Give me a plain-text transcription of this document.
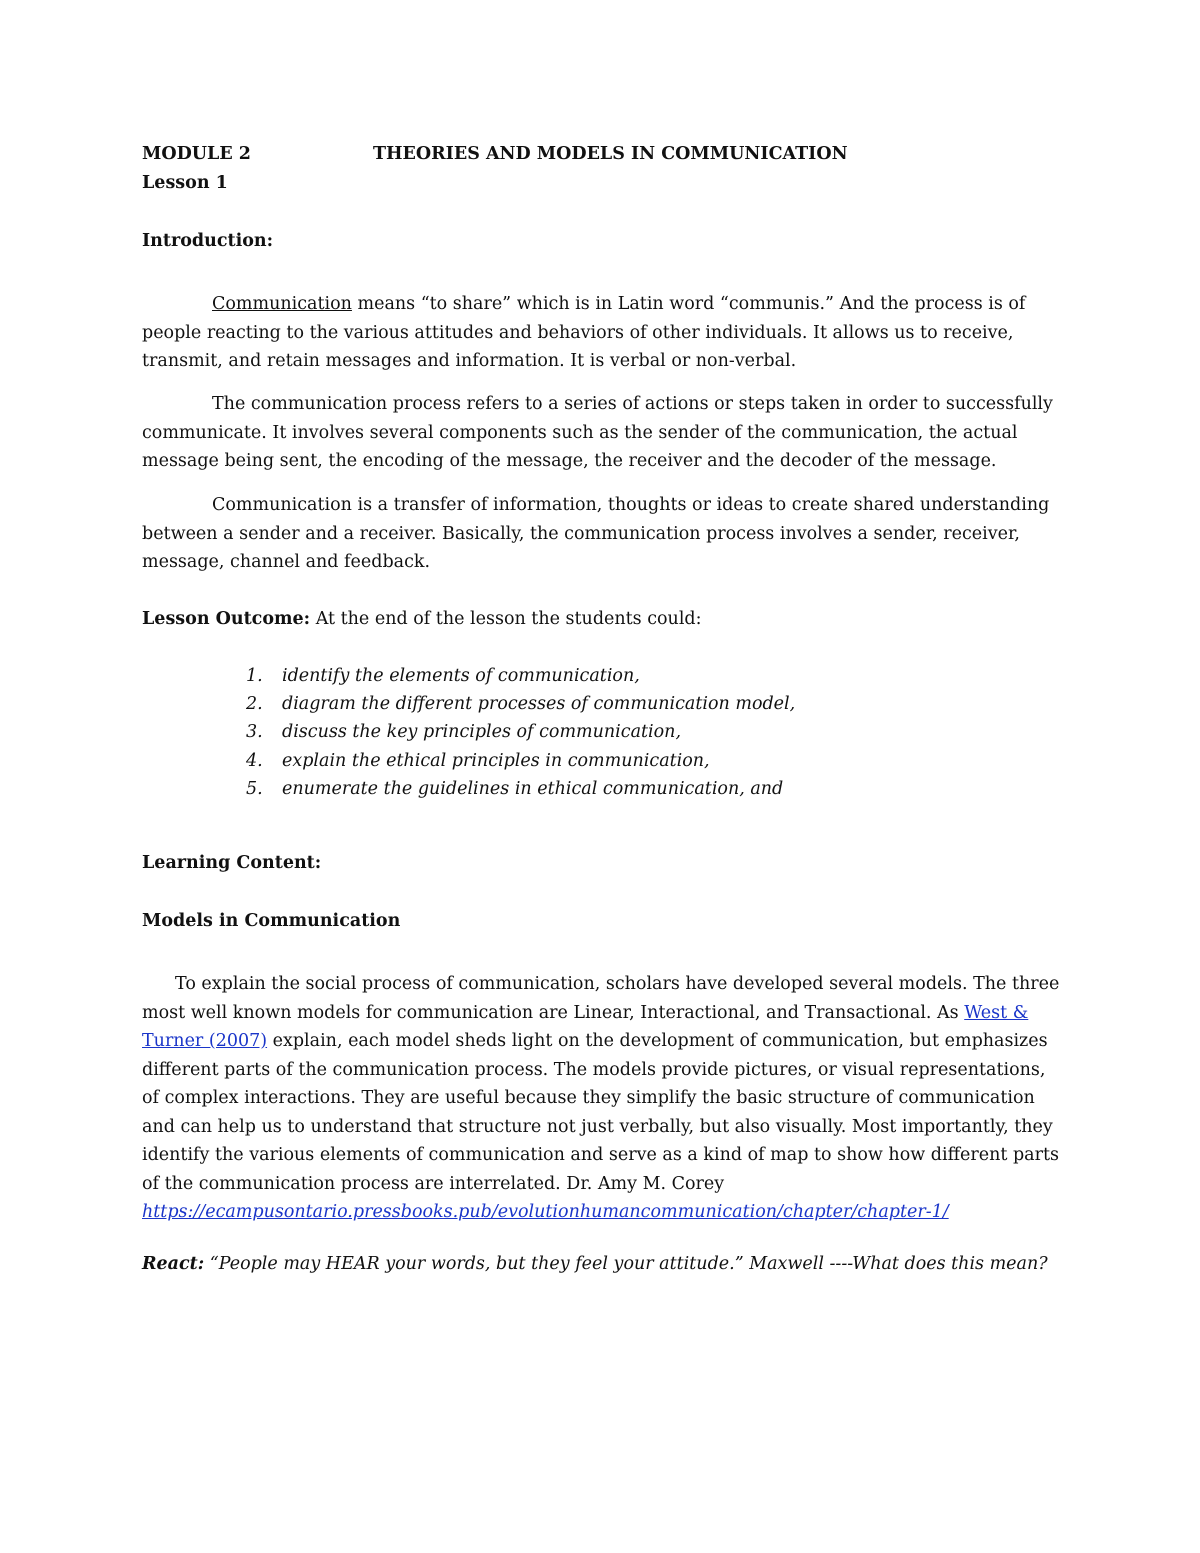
MODULE 2	THEORIES AND MODELS IN COMMUNICATION
Lesson 1
Introduction:

Communication means “to share” which is in Latin word “communis.” And the process is of people reacting to the various attitudes and behaviors of other individuals. It allows us to receive, transmit, and retain messages and information. It is verbal or non-verbal.

The communication process refers to a series of actions or steps taken in order to successfully communicate. It involves several components such as the sender of the communication, the actual message being sent, the encoding of the message, the receiver and the decoder of the message.

Communication is a transfer of information, thoughts or ideas to create shared understanding between a sender and a receiver. Basically, the communication process involves a sender, receiver, message, channel and feedback.

Lesson Outcome: At the end of the lesson the students could:
1. identify the elements of communication,
2. diagram the different processes of communication model,
3. discuss the key principles of communication,
4. explain the ethical principles in communication,
5. enumerate the guidelines in ethical communication, and
Learning Content:
Models in Communication

To explain the social process of communication, scholars have developed several models. The three most well known models for communication are Linear, Interactional, and Transactional. As West & Turner (2007) explain, each model sheds light on the development of communication, but emphasizes different parts of the communication process. The models provide pictures, or visual representations, of complex interactions. They are useful because they simplify the basic structure of communication and can help us to understand that structure not just verbally, but also visually. Most importantly, they identify the various elements of communication and serve as a kind of map to show how different parts of the communication process are interrelated. Dr. Amy M. Corey
https://ecampusontario.pressbooks.pub/evolutionhumancommunication/chapter/chapter-1/

React: “People may HEAR your words, but they feel your attitude.” Maxwell ----What does this mean?
